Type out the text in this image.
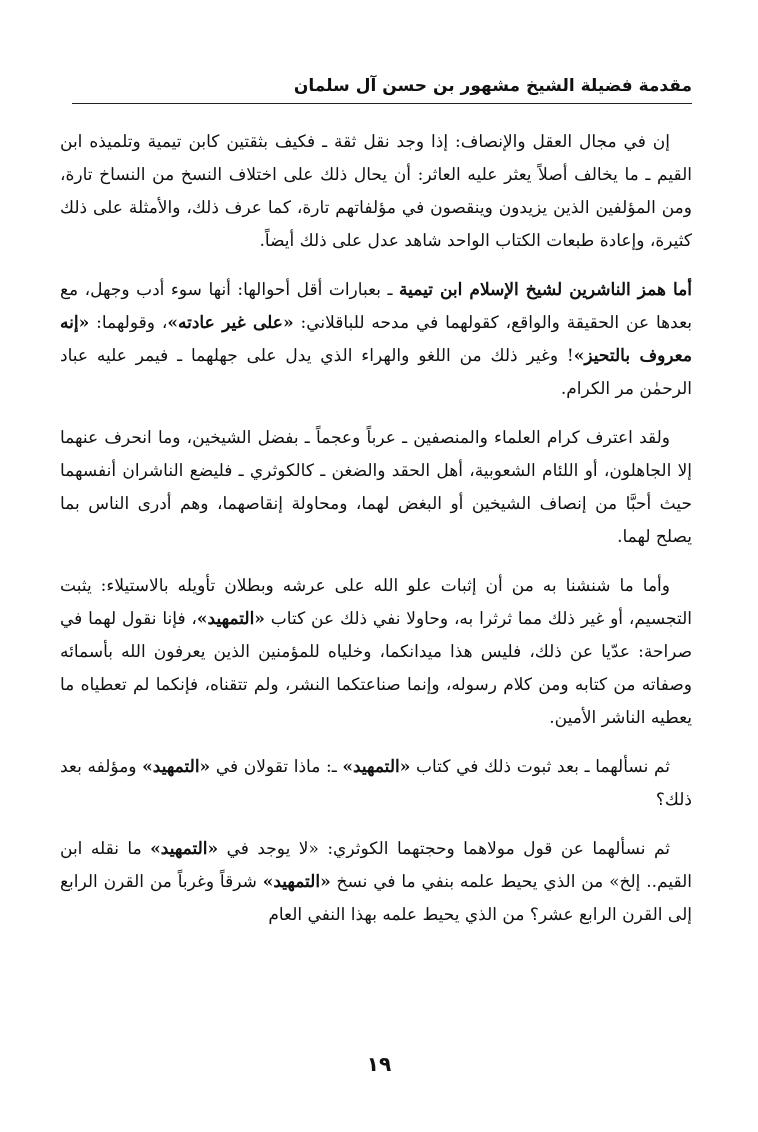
مقدمة فضيلة الشيخ مشهور بن حسن آل سلمان

إن في مجال العقل والإنصاف: إذا وجد نقل ثقة ـ فكيف بثقتين كابن تيمية وتلميذه ابن القيم ـ ما يخالف أصلاً يعثر عليه العاثر: أن يحال ذلك على اختلاف النسخ من النساخ تارة، ومن المؤلفين الذين يزيدون وينقصون في مؤلفاتهم تارة، كما عرف ذلك، والأمثلة على ذلك كثيرة، وإعادة طبعات الكتاب الواحد شاهد عدل على ذلك أيضاً.

أما همز الناشرين لشيخ الإسلام ابن تيمية ـ بعبارات أقل أحوالها: أنها سوء أدب وجهل، مع بعدها عن الحقيقة والواقع، كقولهما في مدحه للباقلاني: «على غير عادته»، وقولهما: «إنه معروف بالتحيز»! وغير ذلك من اللغو والهراء الذي يدل على جهلهما ـ فيمر عليه عباد الرحمٰن مر الكرام.

ولقد اعترف كرام العلماء والمنصفين ـ عرباً وعجماً ـ بفضل الشيخين، وما انحرف عنهما إلا الجاهلون، أو اللئام الشعوبية، أهل الحقد والضغن ـ كالكوثري ـ فليضع الناشران أنفسهما حيث أحبَّا من إنصاف الشيخين أو البغض لهما، ومحاولة إنقاصهما، وهم أدرى الناس بما يصلح لهما.

وأما ما شنشنا به من أن إثبات علو الله على عرشه وبطلان تأويله بالاستيلاء: يثبت التجسيم، أو غير ذلك مما ثرثرا به، وحاولا نفي ذلك عن كتاب «التمهيد»، فإنا نقول لهما في صراحة: عدّيا عن ذلك، فليس هذا ميدانكما، وخلياه للمؤمنين الذين يعرفون الله بأسمائه وصفاته من كتابه ومن كلام رسوله، وإنما صناعتكما النشر، ولم تتقناه، فإنكما لم تعطياه ما يعطيه الناشر الأمين.

ثم نسألهما ـ بعد ثبوت ذلك في كتاب «التمهيد» ـ: ماذا تقولان في «التمهيد» ومؤلفه بعد ذلك؟

ثم نسألهما عن قول مولاهما وحجتهما الكوثري: «لا يوجد في «التمهيد» ما نقله ابن القيم.. إلخ» من الذي يحيط علمه بنفي ما في نسخ «التمهيد» شرقاً وغرباً من القرن الرابع إلى القرن الرابع عشر؟ من الذي يحيط علمه بهذا النفي العام

١٩
